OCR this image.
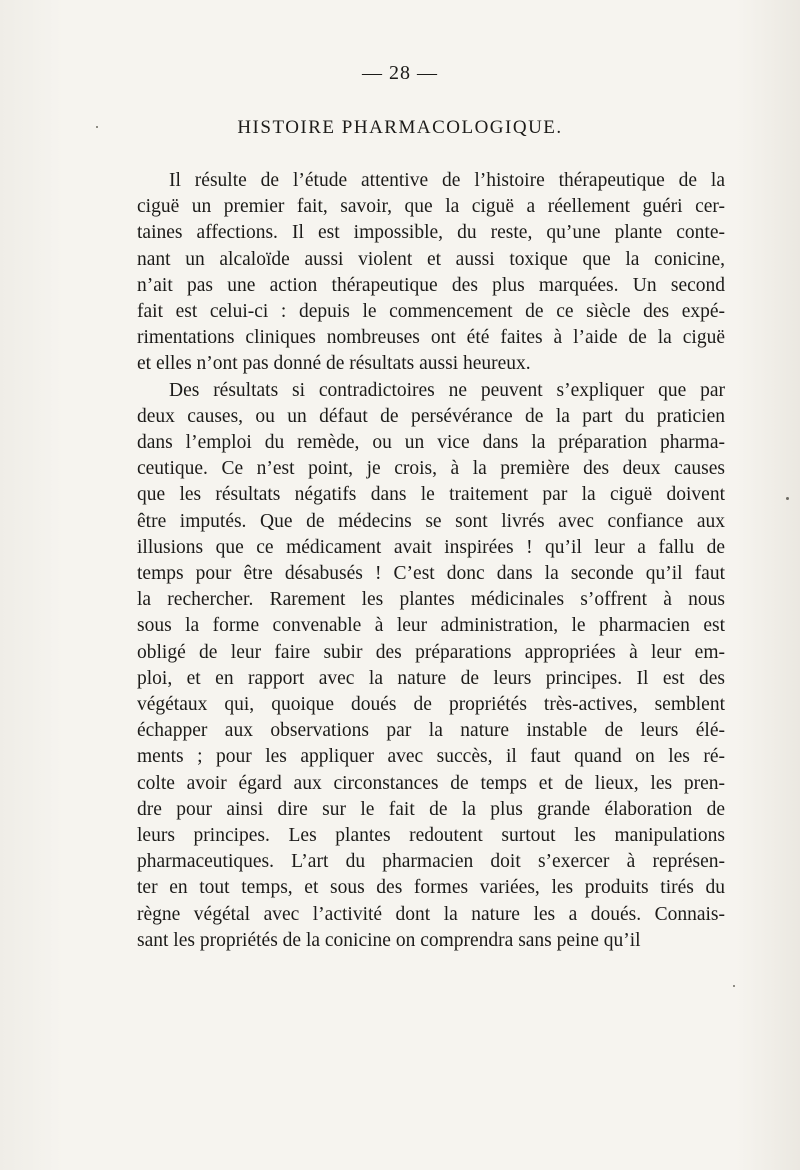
— 28 —
HISTOIRE PHARMACOLOGIQUE.
Il résulte de l’étude attentive de l’histoire thérapeutique de la
ciguë un premier fait, savoir, que la ciguë a réellement guéri cer-
taines affections. Il est impossible, du reste, qu’une plante conte-
nant un alcaloïde aussi violent et aussi toxique que la conicine,
n’ait pas une action thérapeutique des plus marquées. Un second
fait est celui-ci : depuis le commencement de ce siècle des expé-
rimentations cliniques nombreuses ont été faites à l’aide de la ciguë
et elles n’ont pas donné de résultats aussi heureux.
Des résultats si contradictoires ne peuvent s’expliquer que par
deux causes, ou un défaut de persévérance de la part du praticien
dans l’emploi du remède, ou un vice dans la préparation pharma-
ceutique. Ce n’est point, je crois, à la première des deux causes
que les résultats négatifs dans le traitement par la ciguë doivent
être imputés. Que de médecins se sont livrés avec confiance aux
illusions que ce médicament avait inspirées ! qu’il leur a fallu de
temps pour être désabusés ! C’est donc dans la seconde qu’il faut
la rechercher. Rarement les plantes médicinales s’offrent à nous
sous la forme convenable à leur administration, le pharmacien est
obligé de leur faire subir des préparations appropriées à leur em-
ploi, et en rapport avec la nature de leurs principes. Il est des
végétaux qui, quoique doués de propriétés très-actives, semblent
échapper aux observations par la nature instable de leurs élé-
ments ; pour les appliquer avec succès, il faut quand on les ré-
colte avoir égard aux circonstances de temps et de lieux, les pren-
dre pour ainsi dire sur le fait de la plus grande élaboration de
leurs principes. Les plantes redoutent surtout les manipulations
pharmaceutiques. L’art du pharmacien doit s’exercer à représen-
ter en tout temps, et sous des formes variées, les produits tirés du
règne végétal avec l’activité dont la nature les a doués. Connais-
sant les propriétés de la conicine on comprendra sans peine qu’il
